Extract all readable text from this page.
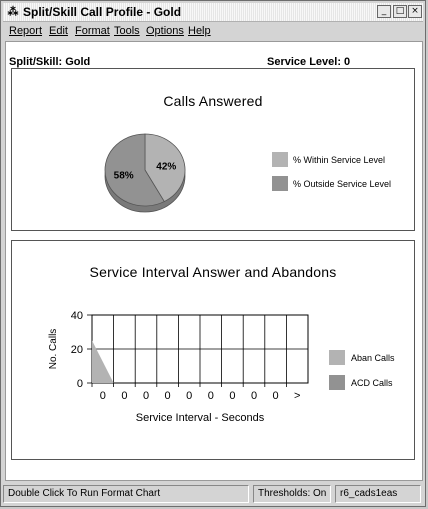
⁂ Split/Skill Call Profile - Gold	_	□ ×
Report Edit Format Tools Options Help
Split/Skill: Gold	Service Level: 0
Calls Answered
42%
58%
% Within Service Level
% Outside Service Level
Service Interval Answer and Abandons
0
20
40
0 0 0 0 0 0 0 0 0 >
No. Calls
Service Interval - Seconds
Aban Calls
ACD Calls
Double Click To Run Format Chart	Thresholds: On	r6_cads1eas
